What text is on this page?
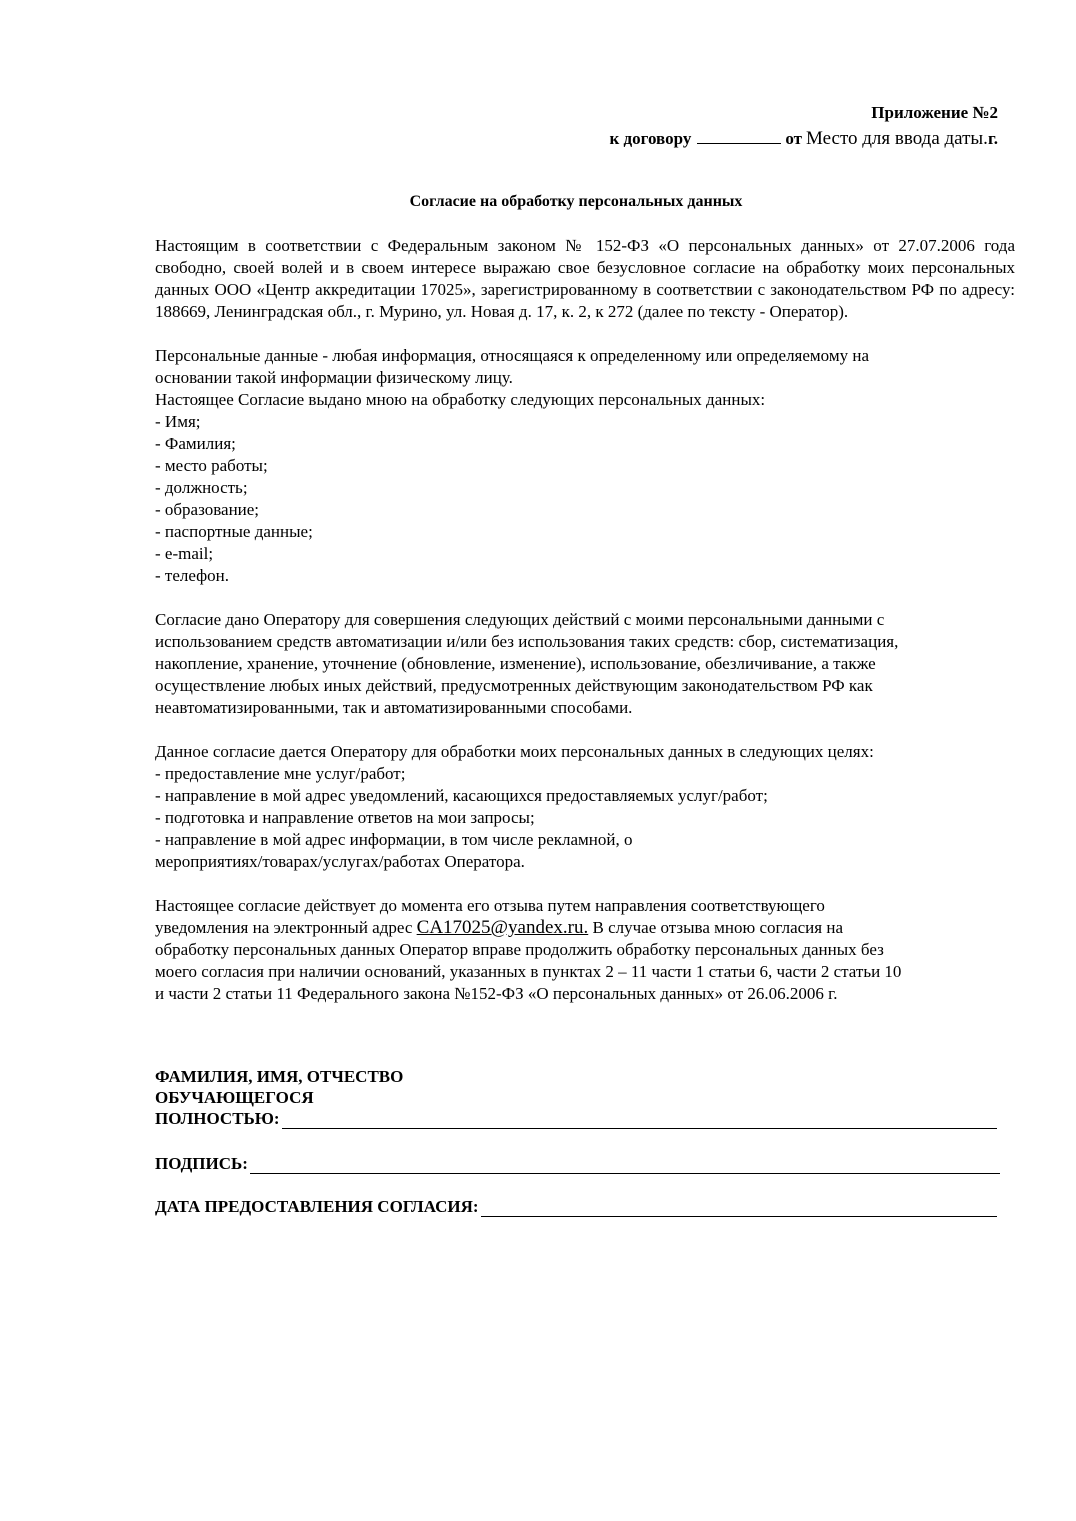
Приложение №2
к договору	от Место для ввода даты.г.
Согласие на обработку персональных данных

Настоящим в соответствии с Федеральным законом № 152-ФЗ «О персональных данных» от 27.07.2006 года свободно, своей волей и в своем интересе выражаю свое безусловное согласие на обработку моих персональных данных ООО «Центр аккредитации 17025», зарегистрированному в соответствии с законодательством РФ по адресу: 188669, Ленинградская обл., г. Мурино, ул. Новая д. 17, к. 2, к 272 (далее по тексту - Оператор).

Персональные данные - любая информация, относящаяся к определенному или определяемому на
основании такой информации физическому лицу.
Настоящее Согласие выдано мною на обработку следующих персональных данных:
- Имя;
- Фамилия;
- место работы;
- должность;
- образование;
- паспортные данные;
- e-mail;
- телефон.
Согласие дано Оператору для совершения следующих действий с моими персональными данными с
использованием средств автоматизации и/или без использования таких средств: сбор, систематизация,
накопление, хранение, уточнение (обновление, изменение), использование, обезличивание, а также
осуществление любых иных действий, предусмотренных действующим законодательством РФ как
неавтоматизированными, так и автоматизированными способами.
Данное согласие дается Оператору для обработки моих персональных данных в следующих целях:
- предоставление мне услуг/работ;
- направление в мой адрес уведомлений, касающихся предоставляемых услуг/работ;
- подготовка и направление ответов на мои запросы;
- направление в мой адрес информации, в том числе рекламной, о
мероприятиях/товарах/услугах/работах Оператора.
Настоящее согласие действует до момента его отзыва путем направления соответствующего
уведомления на электронный адрес CA17025@yandex.ru. В случае отзыва мною согласия на
обработку персональных данных Оператор вправе продолжить обработку персональных данных без
моего согласия при наличии оснований, указанных в пунктах 2 – 11 части 1 статьи 6, части 2 статьи 10
и части 2 статьи 11 Федерального закона №152-ФЗ «О персональных данных» от 26.06.2006 г.
ФАМИЛИЯ, ИМЯ, ОТЧЕСТВО
ОБУЧАЮЩЕГОСЯ
ПОЛНОСТЬЮ:
ПОДПИСЬ:
ДАТА ПРЕДОСТАВЛЕНИЯ СОГЛАСИЯ:
